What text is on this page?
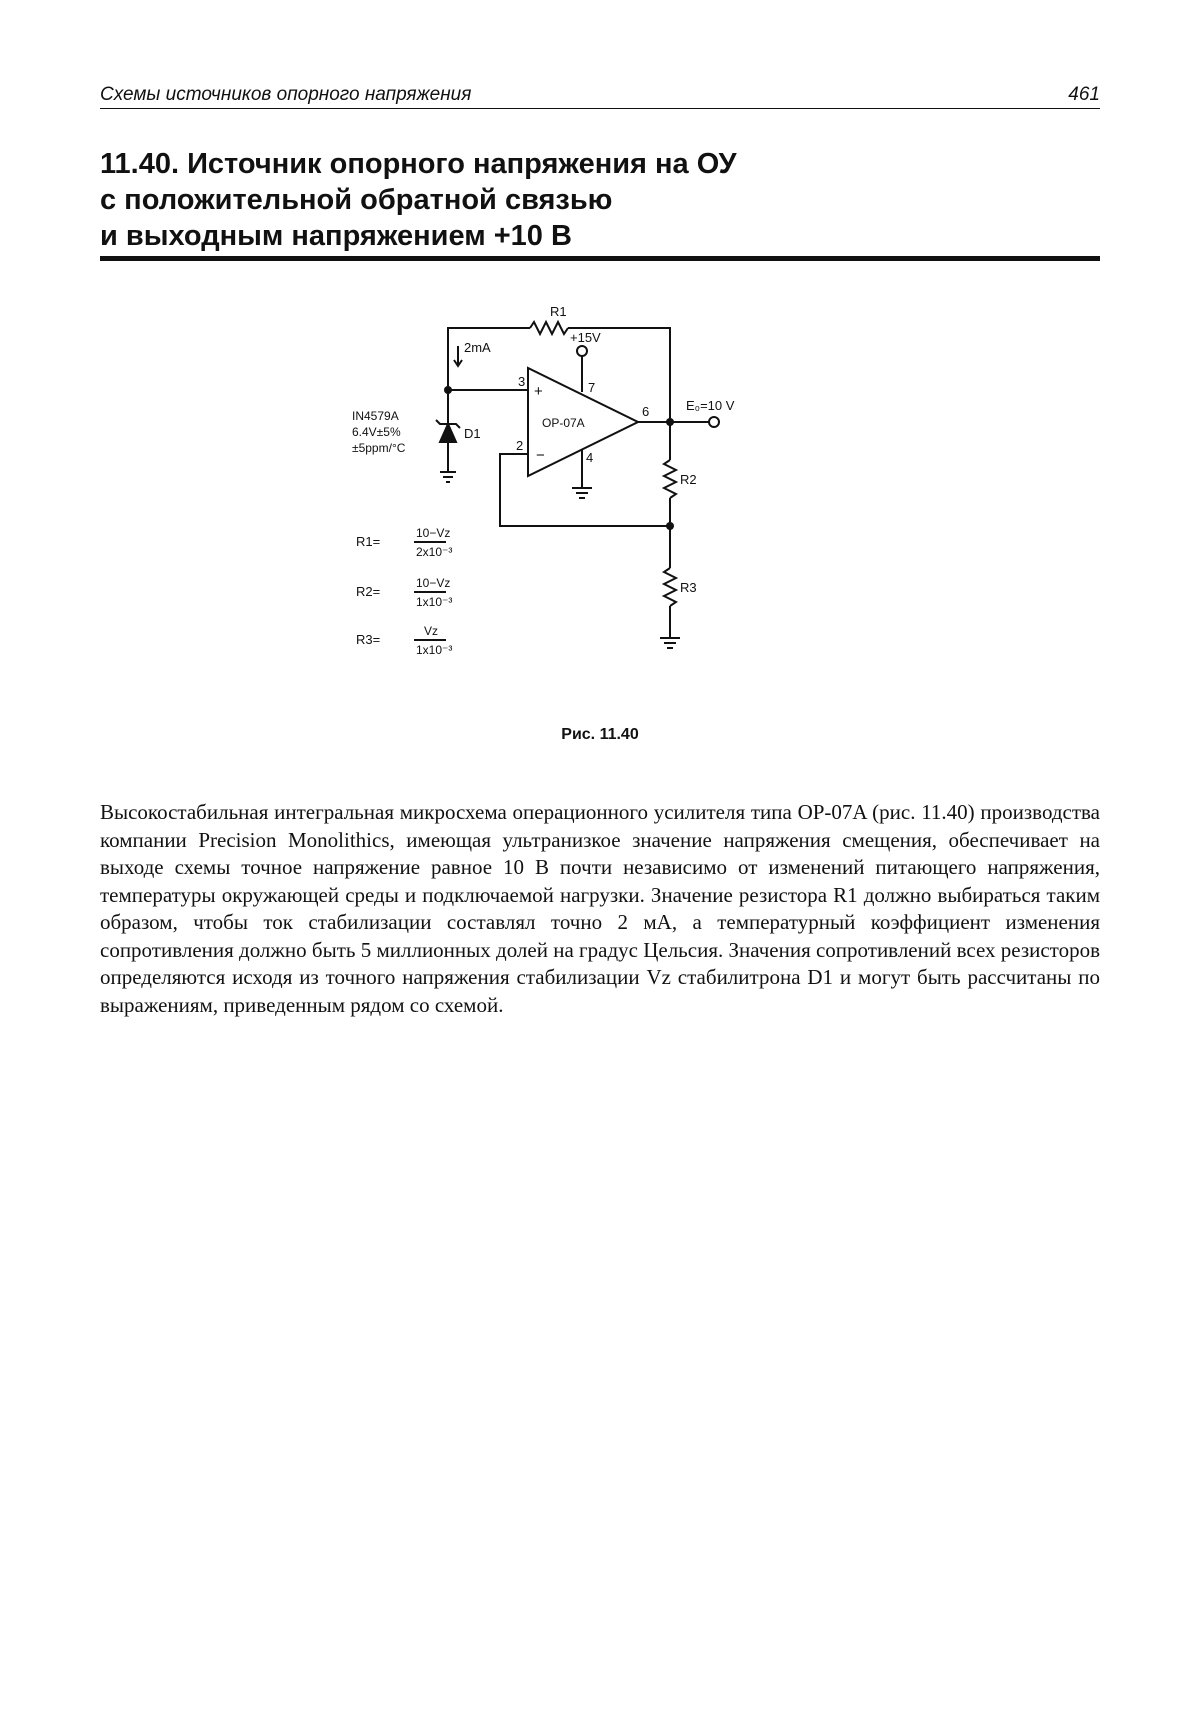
Схемы источников опорного напряжения	461
11.40. Источник опорного напряжения на ОУ
с положительной обратной связью
и выходным напряжением +10 В
R1
2mA
+15V
3
+	7
OP-07A
6
2
−	4
E₀=10 V
IN4579A
6.4V±5%
±5ppm/°C
D1
R2
R3
R1=
10−Vz
2x10⁻³
R2=
10−Vz
1x10⁻³
R3=
Vz
1x10⁻³
Рис. 11.40

Высокостабильная интегральная микросхема операционного усилителя типа OP-07A (рис. 11.40) производства компании Precision Monolithics, имеющая ультранизкое значение напряжения смещения, обеспечивает на выходе схемы точное напряжение равное 10 В почти независимо от изменений питающего напряжения, температуры окружающей среды и подключаемой нагрузки. Значение резистора R1 должно выбираться таким образом, чтобы ток стабилизации составлял точно 2 мА, а температурный коэффициент изменения сопротивления должно быть 5 миллионных долей на градус Цельсия. Значения сопротивлений всех резисторов определяются исходя из точного напряжения стабилизации Vz стабилитрона D1 и могут быть рассчитаны по выражениям, приведенным рядом со схемой.
